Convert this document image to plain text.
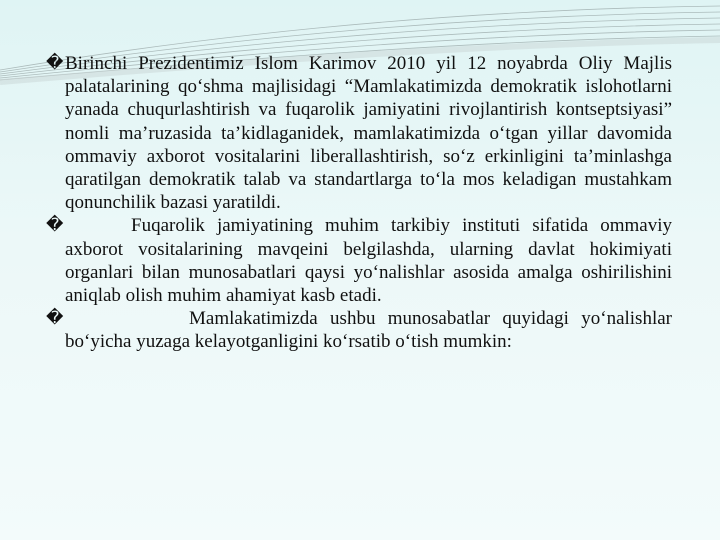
� Birinchi Prezidentimiz Islom Karimov 2010 yil 12 noyabrda Oliy Majlis palatalarining qo‘shma majlisidagi “Mamlakatimizda demokratik islohotlarni yanada chuqurlashtirish va fuqarolik jamiyatini rivojlantirish kontseptsiyasi” nomli ma’ruzasida ta’kidlaganidek, mamlakatimizda o‘tgan yillar davomida ommaviy axborot vositalarini liberallashtirish, so‘z erkinligini ta’minlashga qaratilgan demokratik talab va standartlarga to‘la mos keladigan mustahkam qonunchilik bazasi yaratildi.

�	Fuqarolik jamiyatining muhim tarkibiy instituti sifatida ommaviy axborot vositalarining mavqeini belgilashda, ularning davlat hokimiyati organlari bilan munosabatlari qaysi yo‘nalishlar asosida amalga oshirilishini aniqlab olish muhim ahamiyat kasb etadi.

�	Mamlakatimizda ushbu munosabatlar quyidagi yo‘nalishlar bo‘yicha yuzaga kelayotganligini ko‘rsatib o‘tish mumkin:
